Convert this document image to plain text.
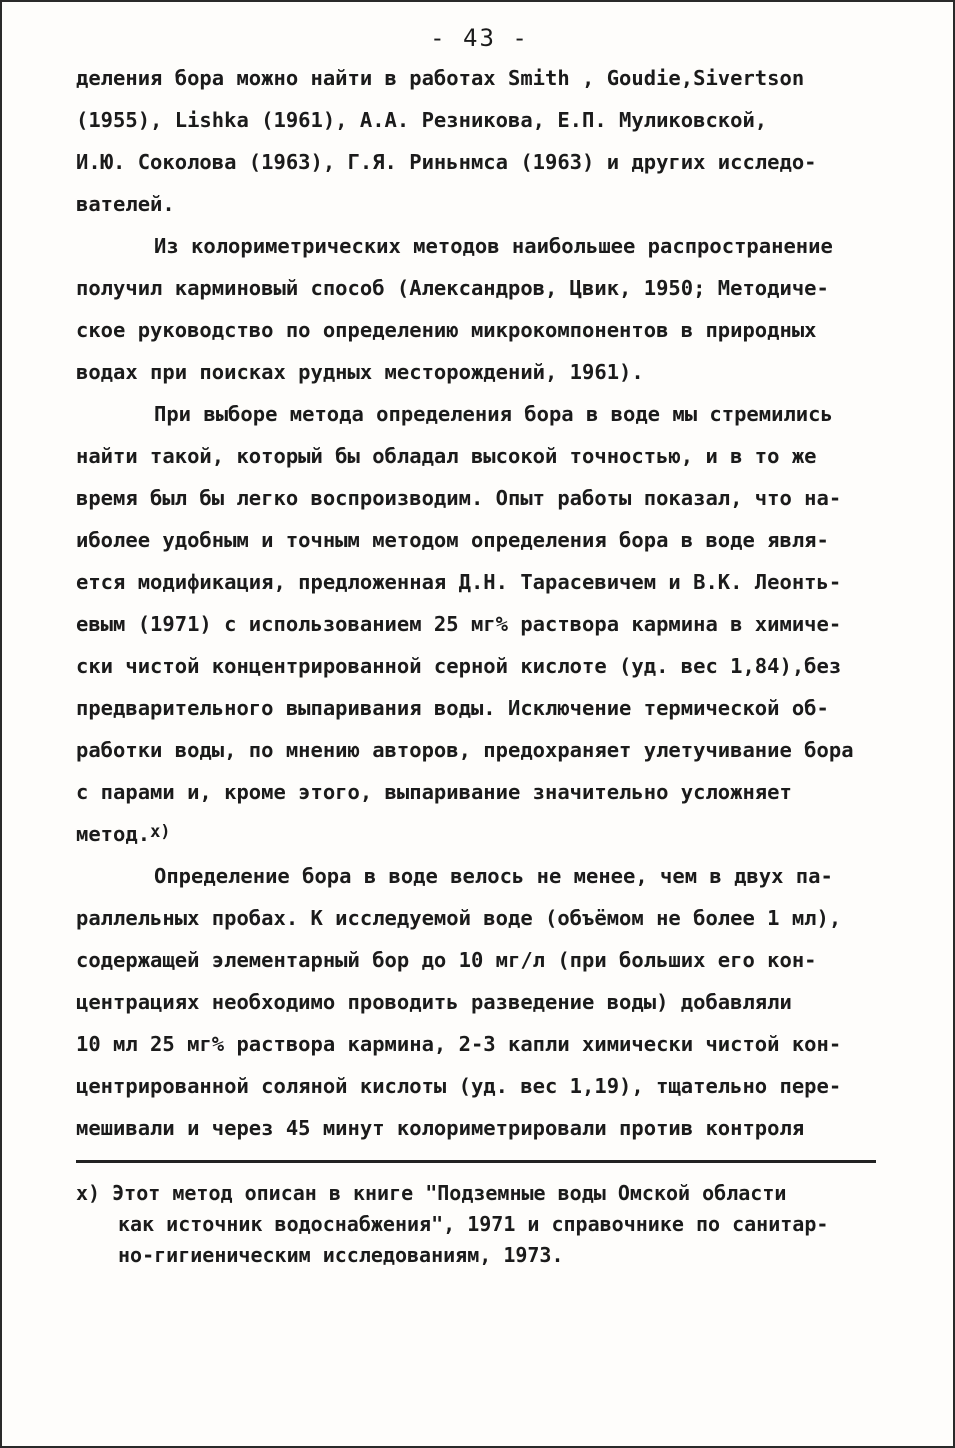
- 43 -
деления бора можно найти в работах Smith , Goudie,Sivertson
(1955), Lishka (1961), А.А. Резникова, Е.П. Муликовской,
И.Ю. Соколова (1963), Г.Я. Риньнмса (1963) и других исследо-
вателей.
Из колориметрических методов наибольшее распространение
получил карминовый способ (Александров, Цвик, 1950; Методиче-
ское руководство по определению микрокомпонентов в природных
водах при поисках рудных месторождений, 1961).
При выборе метода определения бора в воде мы стремились
найти такой, который бы обладал высокой точностью, и в то же
время был бы легко воспроизводим. Опыт работы показал, что на-
иболее удобным и точным методом определения бора в воде явля-
ется модификация, предложенная Д.Н. Тарасевичем и В.К. Леонть-
евым (1971) с использованием 25 мг% раствора кармина в химиче-
ски чистой концентрированной серной кислоте (уд. вес 1,84),без
предварительного выпаривания воды. Исключение термической об-
работки воды, по мнению авторов, предохраняет улетучивание бора
с парами и, кроме этого, выпаривание значительно усложняет
метод.$^{х)}$
Определение бора в воде велось не менее, чем в двух па-
раллельных пробах. К исследуемой воде (объёмом не более 1 мл),
содержащей элементарный бор до 10 мг/л (при больших его кон-
центрациях необходимо проводить разведение воды) добавляли
10 мл 25 мг% раствора кармина, 2-3 капли химически чистой кон-
центрированной соляной кислоты (уд. вес 1,19), тщательно пере-
мешивали и через 45 минут колориметрировали против контроля
х) Этот метод описан в книге "Подземные воды Омской области
как источник водоснабжения", 1971 и справочнике по санитар-
но-гигиеническим исследованиям, 1973.
